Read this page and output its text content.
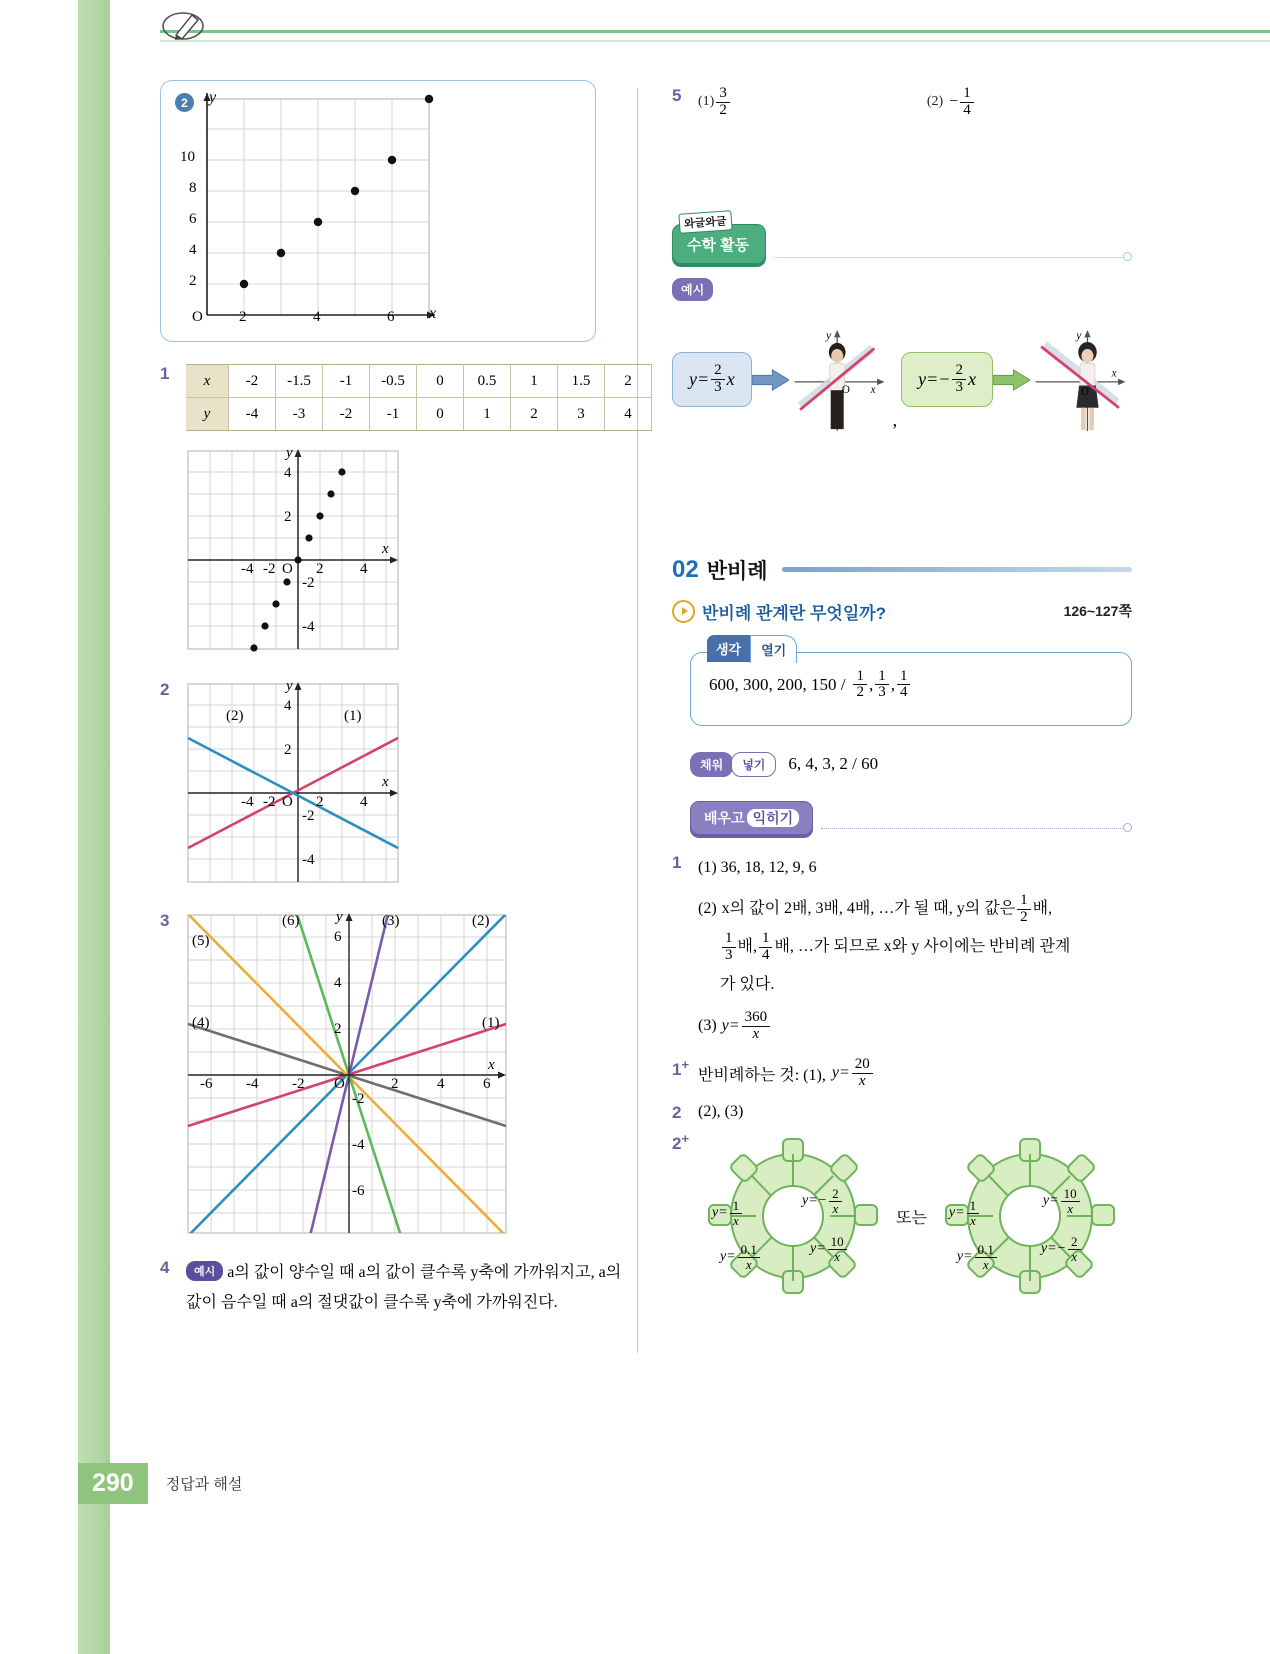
2	y
x
O 2	4	6
2
4
6
8
10
1	x	-2	-1.5	-1	-0.5	0	0.5	1	1.5	2
y	-4	-3	-2	-1	0	1	2	3	4
y
x
O
-4 -2	2 4
4
2
-2
-4
2	y
x
O
-4 -2	2 4
4
2
-2
-4
(1)
(2)
3	y
x
O
-6 -4 -2	2	4	6
6
4
2
-2
-4
-6
(1)
(2)
(3)
(4)
(5)
(6)
4	예시 a의 값이 양수일 때 a의 값이 클수록 y축에 가까워지고, a의 값이 음수일 때 a의 절댓값이 클수록 y축에 가까워진다.
5	$(1) \frac{3}{2}$	$(2) - \frac{1}{4}$
와글와글
수학 활동
예시
$y= \frac{2}{3}$ x
O x
y
,
$y=- \frac{2}{3}$ x
O
x
y
02 반비례
반비례 관계란 무엇일까?	126~127쪽
생각	열기
600, 300, 200, $150 / \frac{1}{2}$ , $\frac{1}{3}$ , $\frac{1}{4}$
채워	넣기	6, 4, 3, 2 / 60
배우고 익히기
1	(1) 36, 18, 12, 9, 6
(2) x의 값이 2배, 3배, 4배, …가 될 때, y의 값은 $\frac{1}{2}$ 배,
$\frac{1}{3}$ 배, $\frac{1}{4}$ 배, …가 되므로 x와 y 사이에는 반비례 관계
가 있다.
(3) $y= \frac{360}{x}$
1+
반비례하는 것: (1), $y= \frac{20}{x}$
2	(2), (3)
2+
$y= \frac{1}{x}$	$y=- \frac{2}{x}$
$y= \frac{10}{x}$
$y= \frac{0.1}{x}$
또는 $y= \frac{1}{x}$	$y= \frac{10}{x}$
$y=- \frac{2}{x}$
$y= \frac{0.1}{x}$
290	정답과 해설
